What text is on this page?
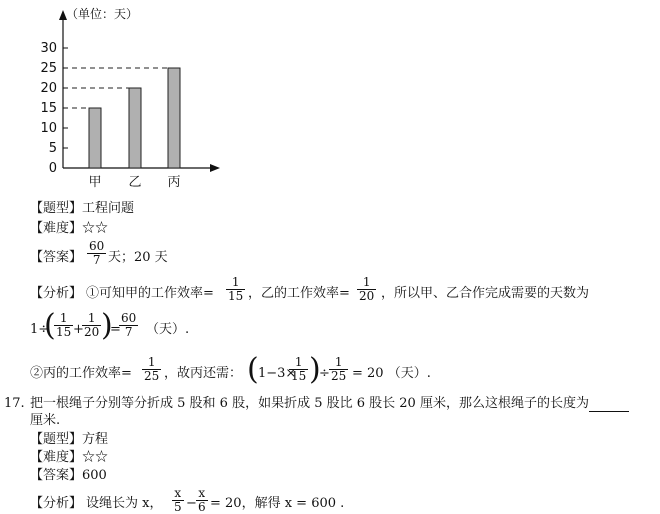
0
5
10
15
20
25
30
甲 乙 丙
（单位：天）
【题型】工程问题
【难度】☆☆
【答案】
60
7 天；20 天
【分析】 ①可知甲的工作效率=
1
15 ，乙的工作效率=
1
20 ，所以甲、乙合作完成需要的天数为
1÷
( 1
15 +
1
20 )
=
60
7	（天）.
②丙的工作效率=
1
25 ，故丙还需： ( 1−3×
1
15 )
÷
1
25 = 20 （天）.
17. 把一根绳子分别等分折成 5 股和 6 股，如果折成 5 股比 6 股长 20 厘米，那么这根绳子的长度为
厘米.
【题型】方程
【难度】☆☆
【答案】600
【分析】 设绳长为 x，
x
5 −
x
6 = 20，解得 x = 600 .
